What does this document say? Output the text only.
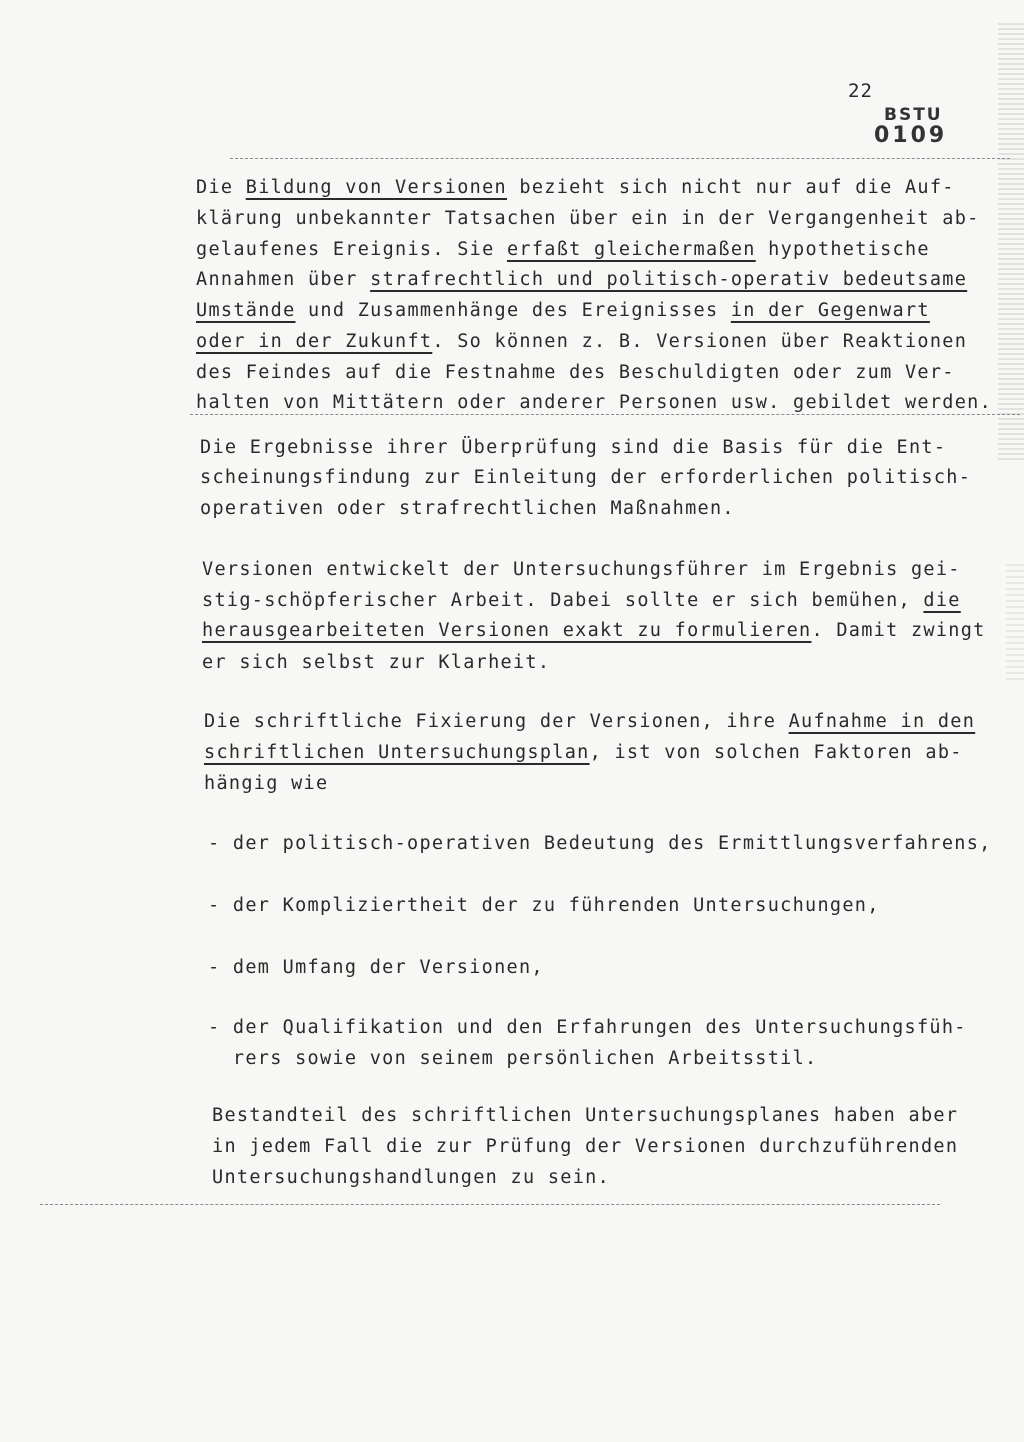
22
BSTU
0109
Die Bildung von Versionen bezieht sich nicht nur auf die Auf-
klärung unbekannter Tatsachen über ein in der Vergangenheit ab-
gelaufenes Ereignis. Sie erfaßt gleichermaßen hypothetische
Annahmen über strafrechtlich und politisch-operativ bedeutsame
Umstände und Zusammenhänge des Ereignisses in der Gegenwart
oder in der Zukunft. So können z. B. Versionen über Reaktionen
des Feindes auf die Festnahme des Beschuldigten oder zum Ver-
halten von Mittätern oder anderer Personen usw. gebildet werden.
Die Ergebnisse ihrer Überprüfung sind die Basis für die Ent-
scheinungsfindung zur Einleitung der erforderlichen politisch-
operativen oder strafrechtlichen Maßnahmen.
Versionen entwickelt der Untersuchungsführer im Ergebnis gei-
stig-schöpferischer Arbeit. Dabei sollte er sich bemühen, die
herausgearbeiteten Versionen exakt zu formulieren. Damit zwingt
er sich selbst zur Klarheit.
Die schriftliche Fixierung der Versionen, ihre Aufnahme in den
schriftlichen Untersuchungsplan, ist von solchen Faktoren ab-
hängig wie
- der politisch-operativen Bedeutung des Ermittlungsverfahrens,
- der Kompliziertheit der zu führenden Untersuchungen,
- dem Umfang der Versionen,
- der Qualifikation und den Erfahrungen des Untersuchungsfüh-
rers sowie von seinem persönlichen Arbeitsstil.
Bestandteil des schriftlichen Untersuchungsplanes haben aber
in jedem Fall die zur Prüfung der Versionen durchzuführenden
Untersuchungshandlungen zu sein.
